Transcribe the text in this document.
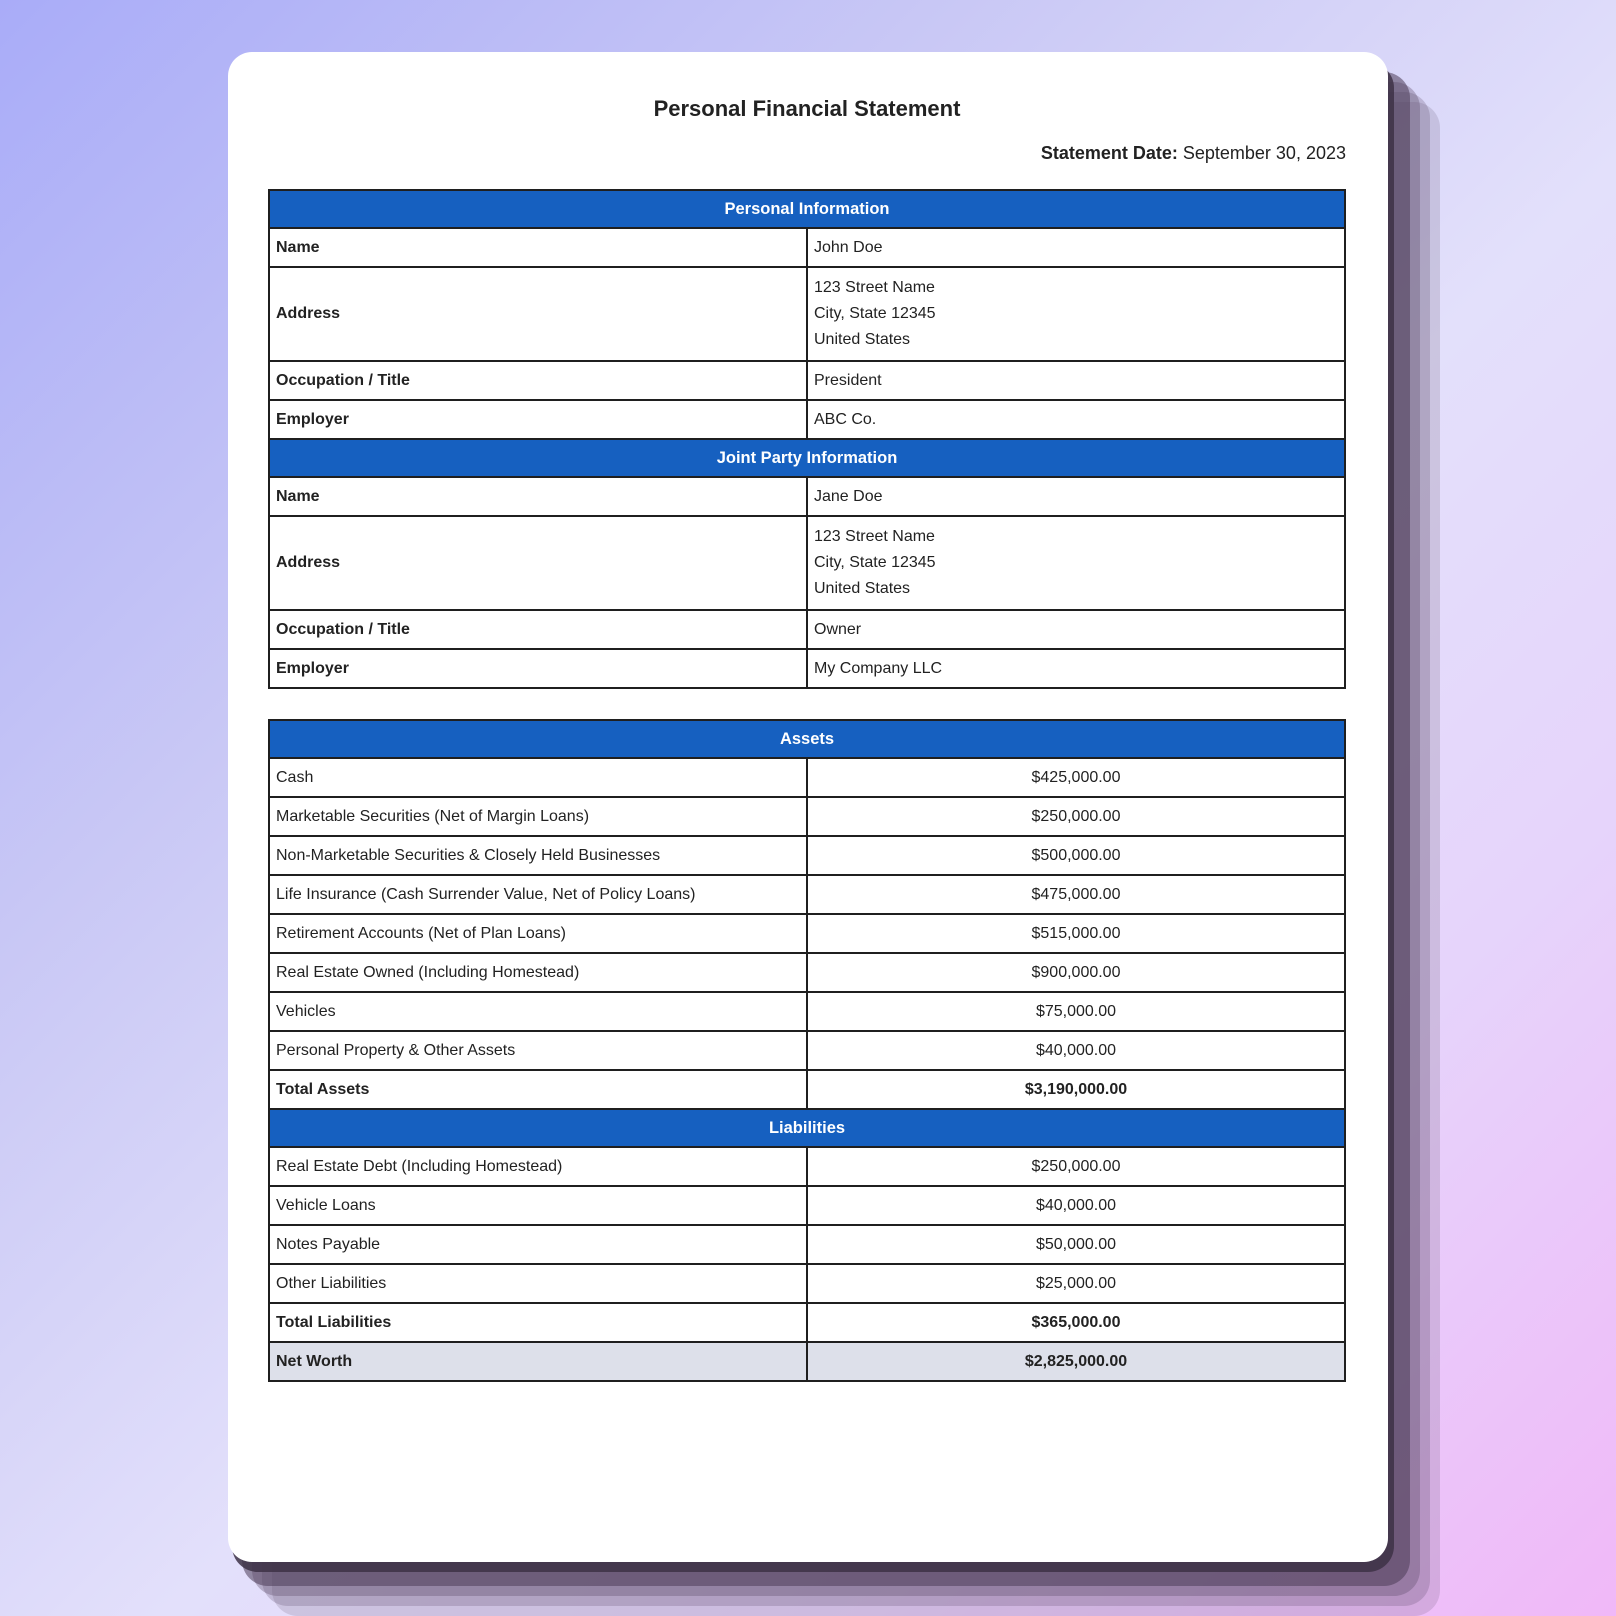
Personal Financial Statement
Statement Date: September 30, 2023
Personal Information	
Name	John Doe
Address	123 Street Name
City, State 12345
United States

Occupation / Title	President
Employer	ABC Co.
Joint Party Information	
Name	Jane Doe
Address	123 Street Name
City, State 12345
United States

Occupation / Title	Owner
Employer	My Company LLC
Assets	
Cash	$425,000.00
Marketable Securities (Net of Margin Loans)	$250,000.00
Non-Marketable Securities & Closely Held Businesses	$500,000.00
Life Insurance (Cash Surrender Value, Net of Policy Loans)	$475,000.00
Retirement Accounts (Net of Plan Loans)	$515,000.00
Real Estate Owned (Including Homestead)	$900,000.00
Vehicles	$75,000.00
Personal Property & Other Assets	$40,000.00
Total Assets	$3,190,000.00
Liabilities	
Real Estate Debt (Including Homestead)	$250,000.00
Vehicle Loans	$40,000.00
Notes Payable	$50,000.00
Other Liabilities	$25,000.00
Total Liabilities	$365,000.00
Net Worth	$2,825,000.00
